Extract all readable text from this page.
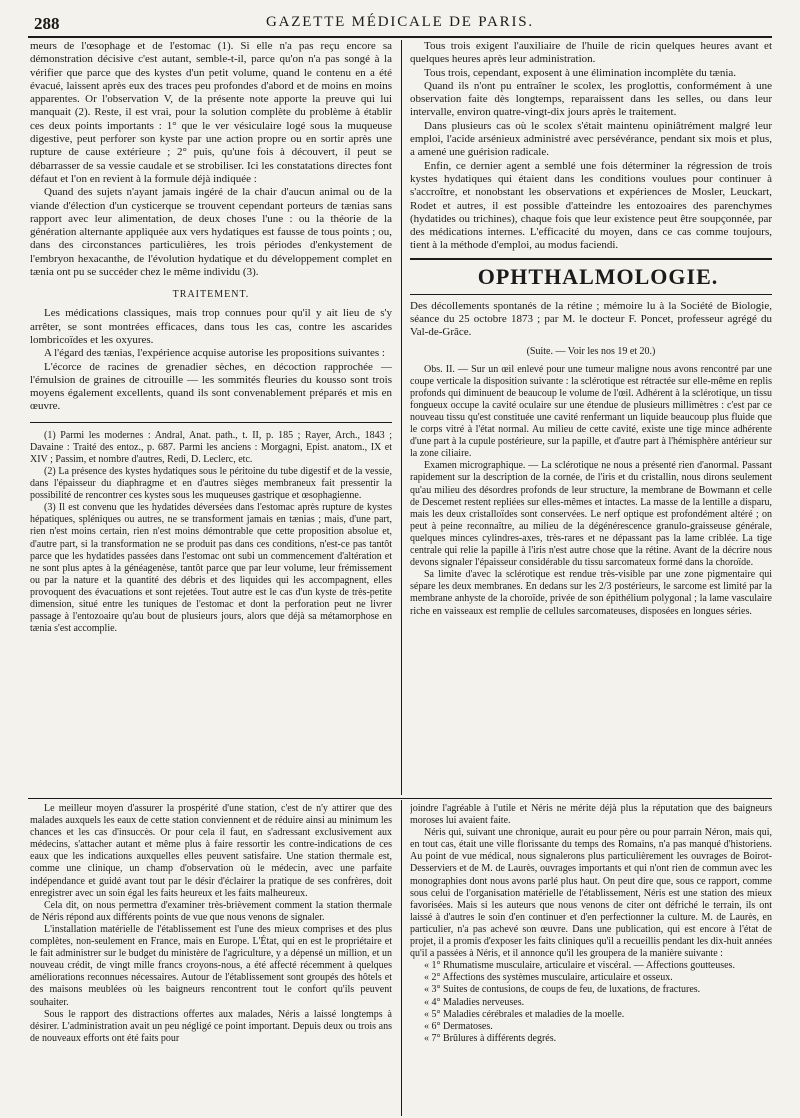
288	GAZETTE MÉDICALE DE PARIS.

meurs de l'œsophage et de l'estomac (1). Si elle n'a pas reçu encore sa démonstration décisive c'est autant, semble-t-il, parce qu'on n'a pas songé à la vérifier que parce que des kystes d'un petit volume, quand le contenu en a été évacué, laissent après eux des traces peu profondes d'abord et de moins en moins apparentes. Or l'observation V, de la présente note apporte la preuve qui lui manquait (2). Reste, il est vrai, pour la solution complète du problème à établir ces deux points importants : 1° que le ver vésiculaire logé sous la muqueuse digestive, peut perforer son kyste par une action propre ou en sortir après une rupture de cause extérieure ; 2° puis, qu'une fois à découvert, il peut se débarrasser de sa vessie caudale et se strobiliser. Ici les constatations directes font défaut et l'on en revient à la formule déjà indiquée :

Quand des sujets n'ayant jamais ingéré de la chair d'aucun animal ou de la viande d'élection d'un cysticerque se trouvent cependant porteurs de tænias sans rapport avec leur alimentation, de deux choses l'une : ou la théorie de la génération alternante appliquée aux vers hydatiques est fausse de tous points ; ou, dans des circonstances particulières, les trois périodes d'enkystement de l'embryon hexacanthe, de l'évolution hydatique et du développement complet en tænia ont pu se succéder chez le même individu (3).

TRAITEMENT.

Les médications classiques, mais trop connues pour qu'il y ait lieu de s'y arrêter, se sont montrées efficaces, dans tous les cas, contre les ascarides lombricoïdes et les oxyures.

A l'égard des tænias, l'expérience acquise autorise les propositions suivantes :

L'écorce de racines de grenadier sèches, en décoction rapprochée — l'émulsion de graines de citrouille — les sommités fleuries du kousso sont trois moyens également excellents, quand ils sont convenablement préparés et mis en œuvre.

(1) Parmi les modernes : Andral, Anat. path., t. II, p. 185 ; Rayer, Arch., 1843 ; Davaine : Traité des entoz., p. 687. Parmi les anciens : Morgagni, Epist. anatom., IX et XIV ; Passim, et nombre d'autres, Redi, D. Leclerc, etc.

(2) La présence des kystes hydatiques sous le péritoine du tube digestif et de la vessie, dans l'épaisseur du diaphragme et en d'autres sièges membraneux fait pressentir la possibilité de rencontrer ces kystes sous les muqueuses gastrique et œsophagienne.

(3) Il est convenu que les hydatides déversées dans l'estomac après rupture de kystes hépatiques, spléniques ou autres, ne se transforment jamais en tænias ; mais, d'une part, rien n'est moins certain, rien n'est moins démontrable que cette proposition absolue et, d'autre part, si la transformation ne se produit pas dans ces conditions, n'est-ce pas tantôt parce que les hydatides passées dans l'estomac ont subi un commencement d'altération et ne sont plus aptes à la généagenèse, tantôt parce que par leur volume, leur frémissement ou par la nature et la quantité des débris et des liquides qui les accompagnent, elles provoquent des évacuations et sont rejetées. Tout autre est le cas d'un kyste de très-petite dimension, situé entre les tuniques de l'estomac et dont la perforation peut ne livrer passage à l'entozoaire qu'au bout de plusieurs jours, alors que déjà sa métamorphose en tænia s'est accomplie.

Tous trois exigent l'auxiliaire de l'huile de ricin quelques heures avant et quelques heures après leur administration.

Tous trois, cependant, exposent à une élimination incomplète du tænia.

Quand ils n'ont pu entraîner le scolex, les proglottis, conformément à une observation faite dès longtemps, reparaissent dans les selles, ou dans leur intervalle, environ quatre-vingt-dix jours après le traitement.

Dans plusieurs cas où le scolex s'était maintenu opiniâtrément malgré leur emploi, l'acide arsénieux administré avec persévérance, pendant six mois et plus, a amené une guérision radicale.

Enfin, ce dernier agent a semblé une fois déterminer la régression de trois kystes hydatiques qui étaient dans les conditions voulues pour continuer à s'accroître, et nonobstant les observations et expériences de Mosler, Leuckart, Rodet et autres, il est possible d'atteindre les entozoaires des parenchymes (hydatides ou trichines), chaque fois que leur existence peut être soupçonnée, par des médications internes. L'efficacité du moyen, dans ce cas comme toujours, tient à la méthode d'emploi, au modus faciendi.

OPHTHALMOLOGIE.

Des décollements spontanés de la rétine ; mémoire lu à la Société de Biologie, séance du 25 octobre 1873 ; par M. le docteur F. Poncet, professeur agrégé du Val-de-Grâce.

(Suite. — Voir les nos 19 et 20.)

Obs. II. — Sur un œil enlevé pour une tumeur maligne nous avons rencontré par une coupe verticale la disposition suivante : la sclérotique est rétractée sur elle-même en replis profonds qui diminuent de beaucoup le volume de l'œil. Adhérent à la sclérotique, un tissu fongueux occupe la cavité oculaire sur une étendue de plusieurs millimètres : c'est par ce nouveau tissu qu'est constituée une cavité renfermant un liquide beaucoup plus fluide que le corps vitré à l'état normal. Au milieu de cette cavité, existe une tige mince adhérente d'une part à la cupule postérieure, sur la papille, et d'autre part à l'hémisphère antérieur sur la zone ciliaire.

Examen micrographique. — La sclérotique ne nous a présenté rien d'anormal. Passant rapidement sur la description de la cornée, de l'iris et du cristallin, nous dirons seulement qu'au milieu des désordres profonds de leur structure, la membrane de Bowmann et celle de Descemet restent repliées sur elles-mêmes et intactes. La masse de la lentille a disparu, mais les deux cristalloïdes sont conservées. Le nerf optique est profondément altéré ; on peut à peine reconnaître, au milieu de la dégénérescence granulo-graisseuse générale, quelques minces cylindres-axes, très-rares et ne dépassant pas la lame criblée. La tige centrale qui relie la papille à l'iris n'est autre chose que la rétine. Avant de la décrire nous devons signaler l'épaisseur considérable du tissu sarcomateux formé dans la choroïde.

Sa limite d'avec la sclérotique est rendue très-visible par une zone pigmentaire qui sépare les deux membranes. En dedans sur les 2/3 postérieurs, le sarcome est limité par la membrane anhyste de la choroïde, privée de son épithélium polygonal ; la lame vasculaire riche en vaisseaux est remplie de cellules sarcomateuses, disposées en longues séries.

Le meilleur moyen d'assurer la prospérité d'une station, c'est de n'y attirer que des malades auxquels les eaux de cette station conviennent et de réduire ainsi au minimum les chances et les cas d'insuccès. Or pour cela il faut, en s'adressant exclusivement aux médecins, s'attacher autant et même plus à faire ressortir les contre-indications de ces eaux que les indications auxquelles elles peuvent satisfaire. Une station thermale est, comme une clinique, un champ d'observation où le médecin, avec une parfaite indépendance et guidé avant tout par le désir d'éclairer la pratique de ses confrères, doit enregistrer avec un soin égal les faits heureux et les faits malheureux.

Cela dit, on nous permettra d'examiner très-brièvement comment la station thermale de Néris répond aux différents points de vue que nous venons de signaler.

L'installation matérielle de l'établissement est l'une des mieux comprises et des plus complètes, non-seulement en France, mais en Europe. L'État, qui en est le propriétaire et le fait administrer sur le budget du ministère de l'agriculture, y a dépensé un million, et un nouveau crédit, de vingt mille francs croyons-nous, a été affecté récemment à quelques améliorations reconnues nécessaires. Autour de l'établissement sont groupés des hôtels et des maisons meublées où les baigneurs rencontrent tout le confort qu'ils peuvent souhaiter.

Sous le rapport des distractions offertes aux malades, Néris a laissé longtemps à désirer. L'administration avait un peu négligé ce point important. Depuis deux ou trois ans de nouveaux efforts ont été faits pour

joindre l'agréable à l'utile et Néris ne mérite déjà plus la réputation que des baigneurs moroses lui avaient faite.

Néris qui, suivant une chronique, aurait eu pour père ou pour parrain Néron, mais qui, en tout cas, était une ville florissante du temps des Romains, n'a pas manqué d'historiens. Au point de vue médical, nous signalerons plus particulièrement les ouvrages de Boirot-Desserviers et de M. de Laurès, ouvrages importants et qui n'ont rien de commun avec les monographies dont nous avons parlé plus haut. On peut dire que, sous ce rapport, comme sous celui de l'organisation matérielle de l'établissement, Néris est une station des mieux favorisées. Mais si les auteurs que nous venons de citer ont défriché le terrain, ils ont laissé à d'autres le soin d'en continuer et d'en perfectionner la culture. M. de Laurès, en particulier, n'a pas achevé son œuvre. Dans une publication, qui est encore à l'état de projet, il a promis d'exposer les faits cliniques qu'il a recueillis pendant les dix-huit années qu'il a passées à Néris, et il annonce qu'il les groupera de la manière suivante :

« 1° Rhumatisme musculaire, articulaire et viscéral. — Affections goutteuses.

« 2° Affections des systèmes musculaire, articulaire et osseux.

« 3° Suites de contusions, de coups de feu, de luxations, de fractures.

« 4° Maladies nerveuses.

« 5° Maladies cérébrales et maladies de la moelle.

« 6° Dermatoses.

« 7° Brûlures à différents degrés.
